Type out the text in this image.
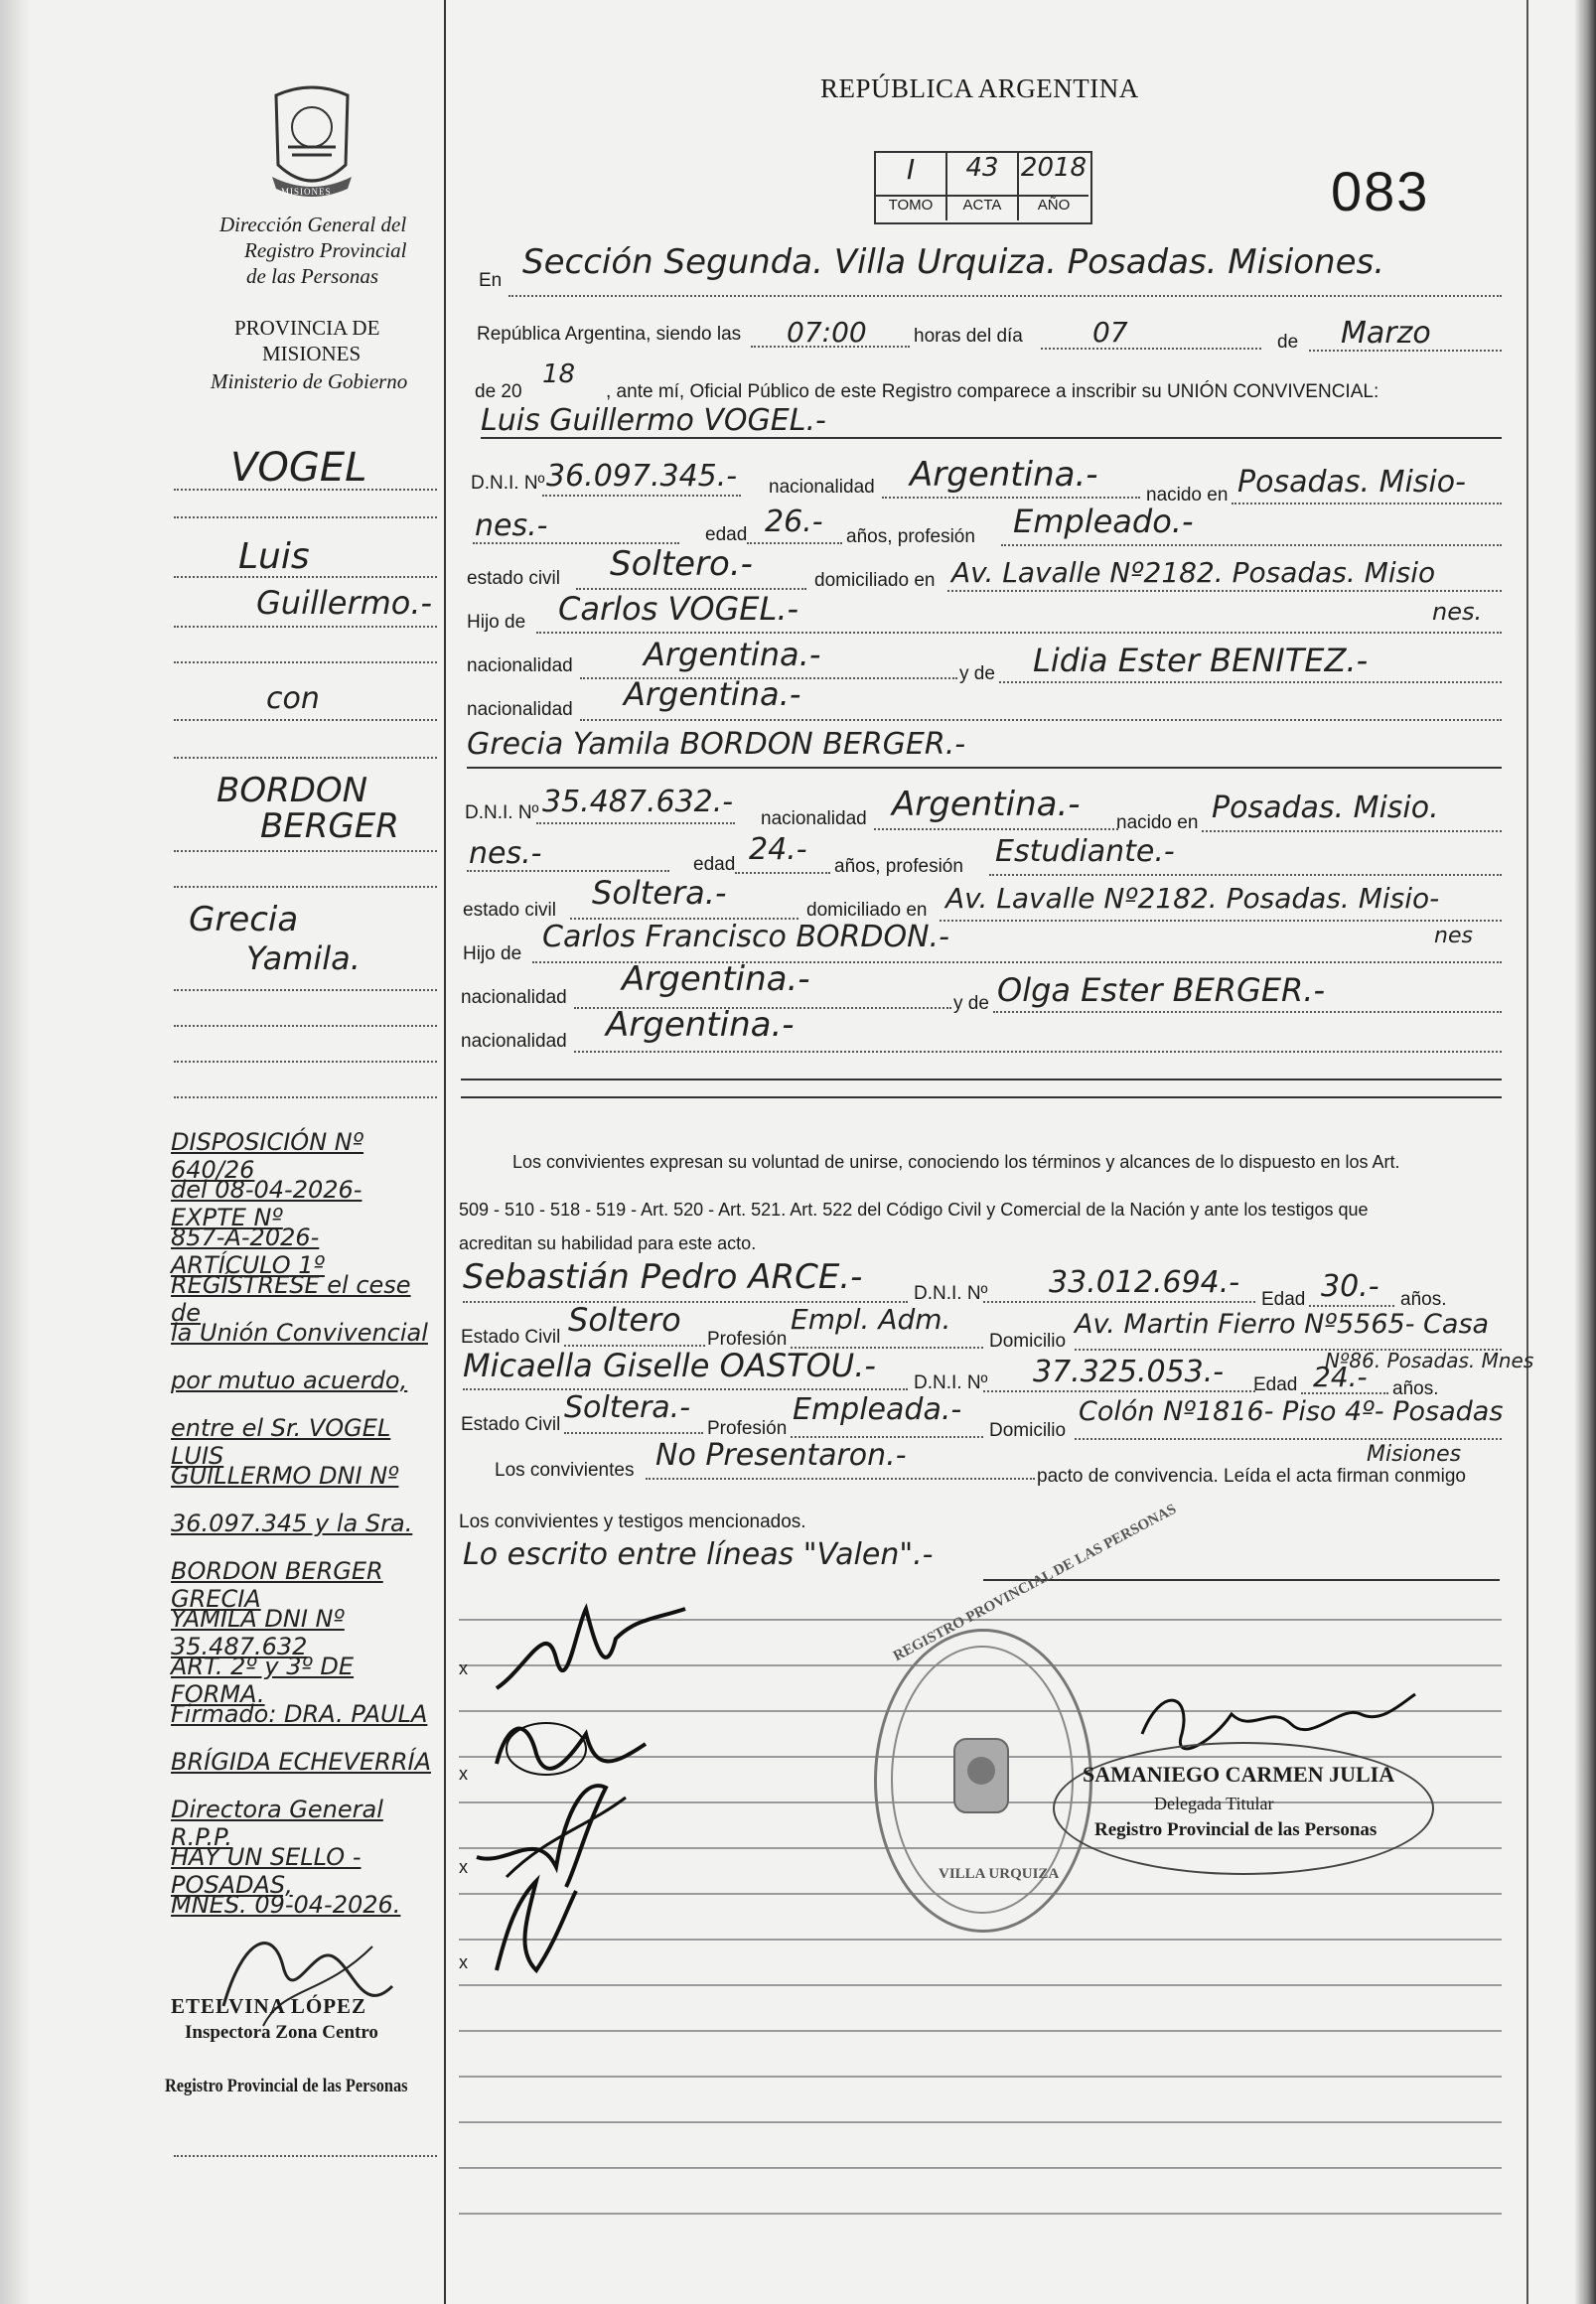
REPÚBLICA ARGENTINA
I	43 2018
TOMO	ACTA	AÑO	083
MISIONES
Dirección General del
Registro Provincial
de las Personas
PROVINCIA DE
MISIONES
Ministerio de Gobierno
VOGEL
Luis
Guillermo.-
con
BORDON
BERGER
Grecia
Yamila.
DISPOSICIÓN Nº 640/26
del 08-04-2026- EXPTE Nº
857-A-2026- ARTÍCULO 1º
REGÍSTRESE el cese de
la Unión Convivencial
por mutuo acuerdo,
entre el Sr. VOGEL LUIS
GUILLERMO DNI Nº
36.097.345 y la Sra.
BORDON BERGER GRECIA
YAMILA DNI Nº 35.487.632
ART. 2º y 3º DE FORMA.
Firmado: DRA. PAULA
BRÍGIDA ECHEVERRÍA
Directora General R.P.P.
HAY UN SELLO - POSADAS,
MNES. 09-04-2026.
ETELVINA LÓPEZ
Inspectora Zona Centro
Registro Provincial de las Personas
En Sección Segunda. Villa Urquiza. Posadas. Misiones.
República Argentina, siendo las 07:00 horas del día	07	de Marzo
de 20
18
, ante mí, Oficial Público de este Registro comparece a inscribir su UNIÓN CONVIVENCIAL:
Luis Guillermo VOGEL.-
D.N.I. Nº 36.097.345.- nacionalidad Argentina.-
nacido en Posadas. Misio-
nes.-	edad 26.- años, profesión Empleado.-
estado civil Soltero.-	domiciliado en Av. Lavalle Nº2182. Posadas. Misio
nes.
Hijo de Carlos VOGEL.-
nacionalidad Argentina.-
y de Lidia Ester BENITEZ.-
nacionalidad Argentina.-
Grecia Yamila BORDON BERGER.-
D.N.I. Nº 35.487.632.- nacionalidad Argentina.- nacido en Posadas. Misio.
nes.-	edad 24.- años, profesión Estudiante.-
estado civil Soltera.-	domiciliado en Av. Lavalle Nº2182. Posadas. Misio-
nes
Hijo de Carlos Francisco BORDON.-
nacionalidad Argentina.-
y de Olga Ester BERGER.-
nacionalidad Argentina.-
Los convivientes expresan su voluntad de unirse, conociendo los términos y alcances de lo dispuesto en los Art.
509 - 510 - 518 - 519 - Art. 520 - Art. 521. Art. 522 del Código Civil y Comercial de la Nación y ante los testigos que
acreditan su habilidad para este acto.
Sebastián Pedro ARCE.-	D.N.I. Nº 33.012.694.- Edad 30.- años.
Estado Civil Soltero
Profesión
Empl. Adm.
Domicilio
Av. Martin Fierro Nº5565- Casa
Nº86. Posadas. Mnes
Micaella Giselle OASTOU.- D.N.I. Nº 37.325.053.- Edad 24.- años.
Estado Civil Soltera.-
Profesión
Empleada.-
Domicilio
Colón Nº1816- Piso 4º- Posadas
Misiones
Los convivientes No Presentaron.-
pacto de convivencia. Leída el acta firman conmigo
Los convivientes y testigos mencionados.
Lo escrito entre líneas "Valen".-
x
x
x
x
REGISTRO PROVINCIAL DE LAS PERSONAS
VILLA URQUIZA
SAMANIEGO CARMEN JULIA
Delegada Titular
Registro Provincial de las Personas
